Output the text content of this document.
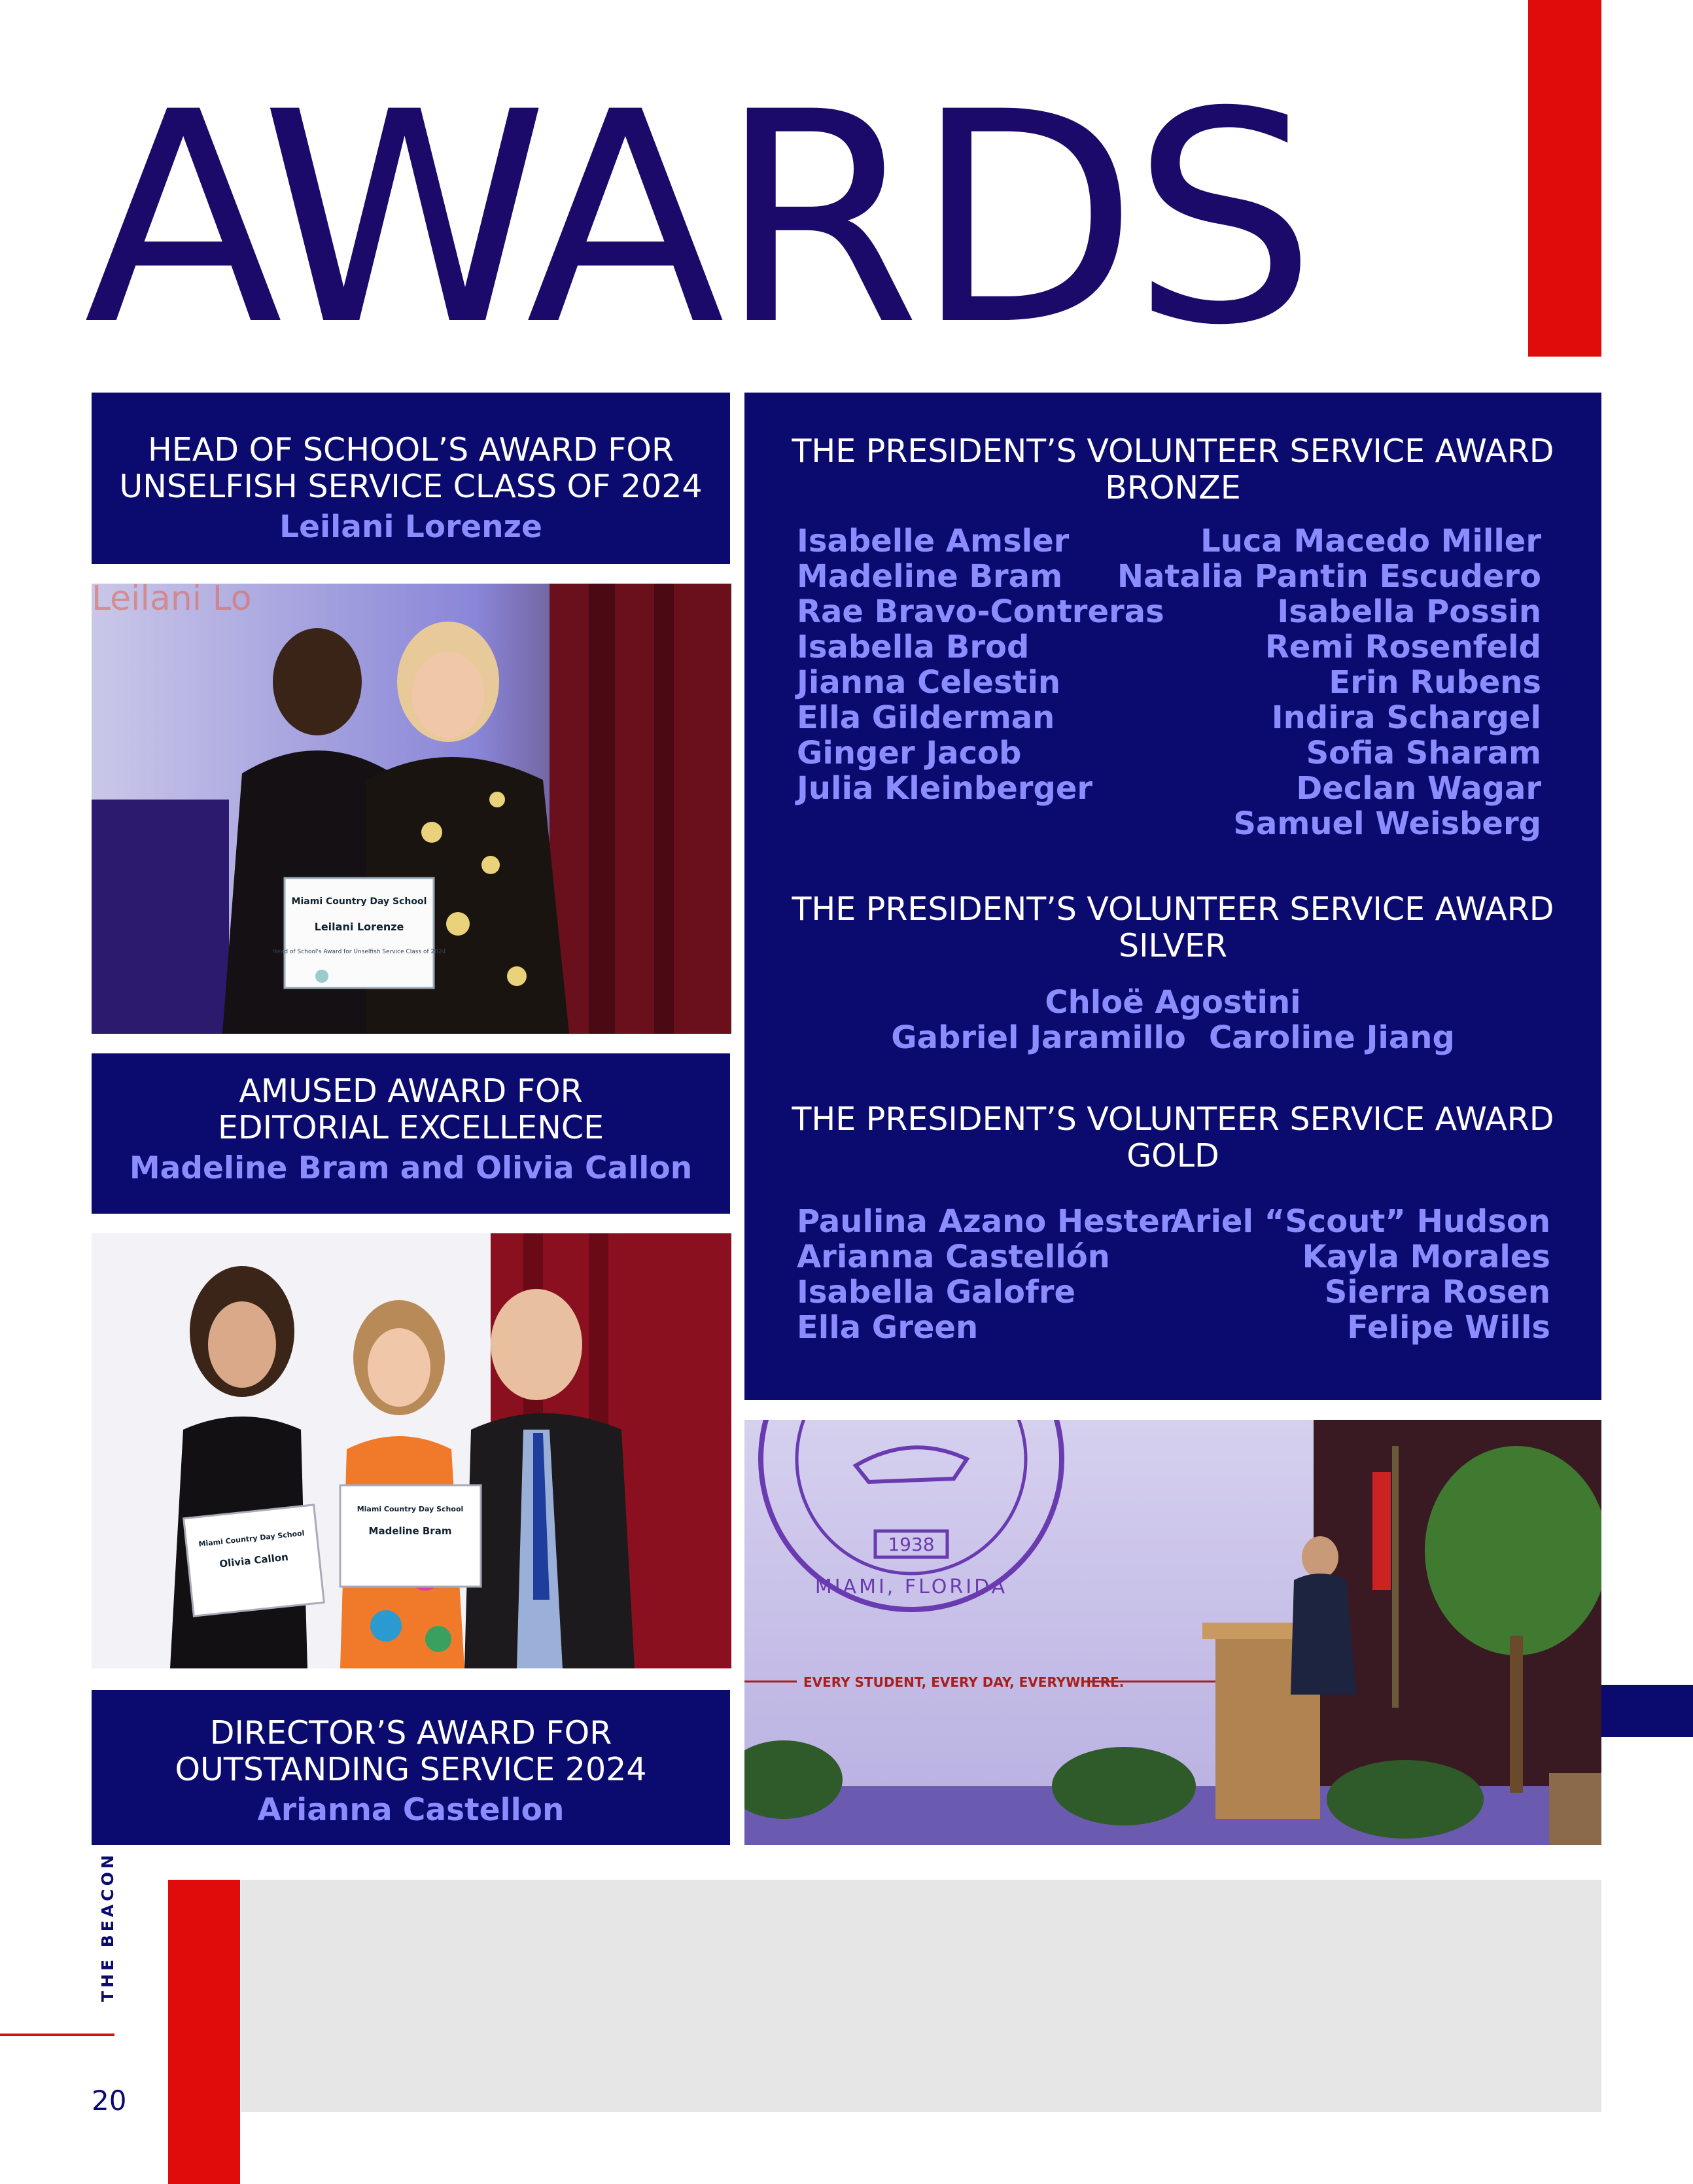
AWARDS
HEAD OF SCHOOL’S AWARD FOR
UNSELFISH SERVICE CLASS OF 2024
Leilani Lorenze
Leilani Lo
Miami Country Day School
Leilani Lorenze
Head of School's Award for Unselfish Service Class of 2024
AMUSED AWARD FOR
EDITORIAL EXCELLENCE
Madeline Bram and Olivia Callon
Miami Country Day School
Olivia Callon
Miami Country Day School
Madeline Bram
DIRECTOR’S AWARD FOR
OUTSTANDING SERVICE 2024
Arianna Castellon
THE PRESIDENT’S VOLUNTEER SERVICE AWARD
BRONZE
Isabelle Amsler
Madeline Bram
Rae Bravo-Contreras
Isabella Brod
Jianna Celestin
Ella Gilderman
Ginger Jacob
Julia Kleinberger
Luca Macedo Miller
Natalia Pantin Escudero
Isabella Possin
Remi Rosenfeld
Erin Rubens
Indira Schargel
Sofia Sharam
Declan Wagar
Samuel Weisberg
THE PRESIDENT’S VOLUNTEER SERVICE AWARD
SILVER
Chloë Agostini
Gabriel Jaramillo Caroline Jiang
THE PRESIDENT’S VOLUNTEER SERVICE AWARD
GOLD
Paulina Azano Hester
Arianna Castellón
Isabella Galofre
Ella Green
Ariel “Scout” Hudson
Kayla Morales
Sierra Rosen
Felipe Wills
1938
MIAMI, FLORIDA
EVERY STUDENT, EVERY DAY, EVERYWHERE.
THE BEACON
20
